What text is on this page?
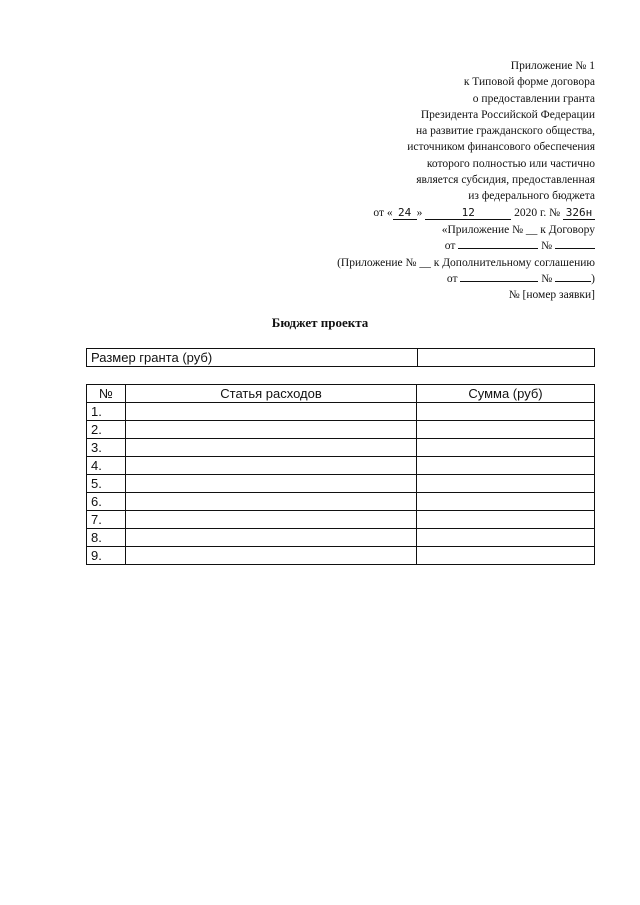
Приложение № 1
к Типовой форме договора
о предоставлении гранта
Президента Российской Федерации
на развитие гражданского общества,
источником финансового обеспечения
которого полностью или частично
является субсидия, предоставленная
из федерального бюджета
от « 24 »	12	2020 г. № 326н
«Приложение № __ к Договору
от	№
(Приложение № __ к Дополнительному соглашению
от	№	)
№ [номер заявки]
Бюджет проекта
Размер гранта (руб)	
№	Статья расходов	Сумма (руб)
1.		
2.		
3.		
4.		
5.		
6.		
7.		
8.		
9.		
